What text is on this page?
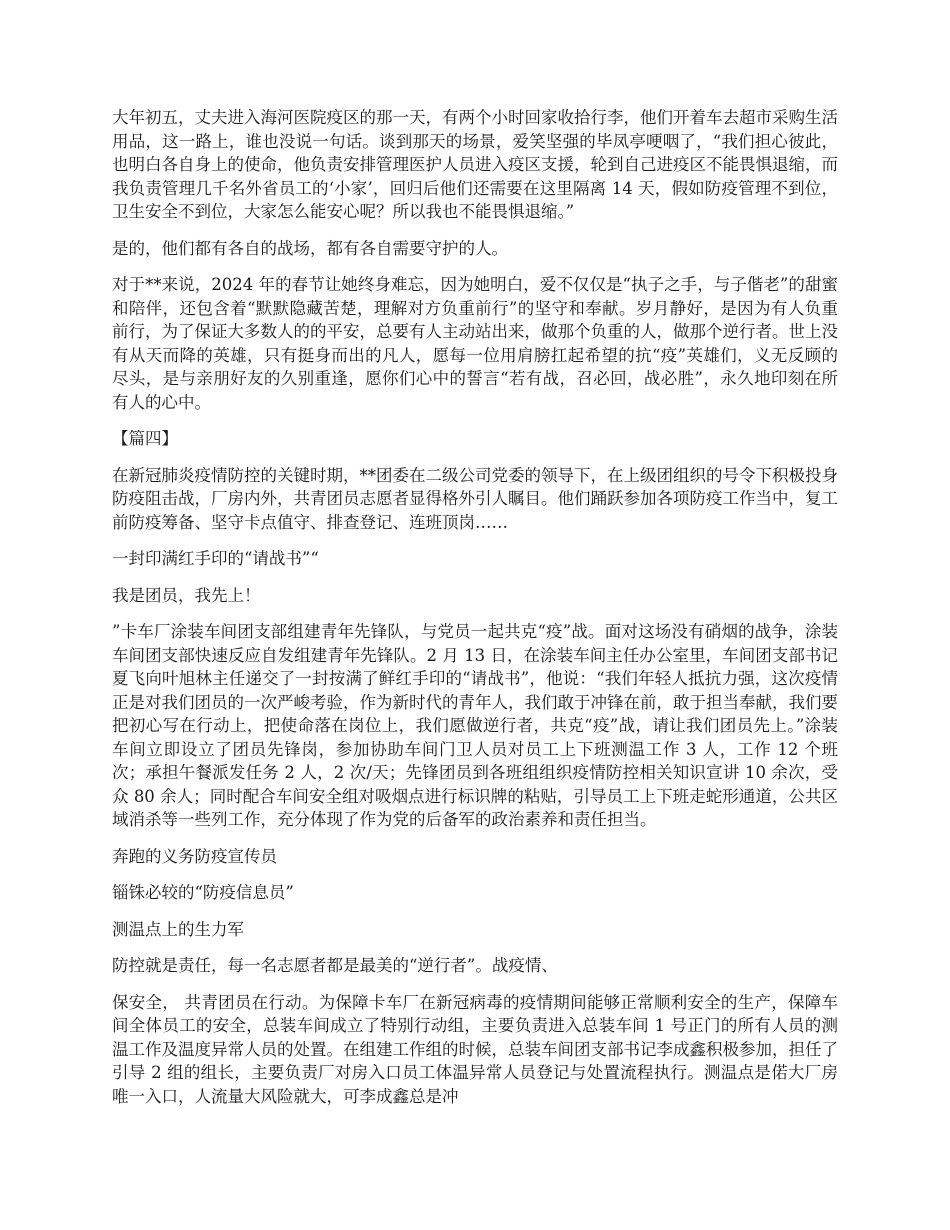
大年初五，丈夫进入海河医院疫区的那一天，有两个小时回家收拾行李，他们开着车去超市采购生活用品，这一路上，谁也没说一句话。谈到那天的场景，爱笑坚强的毕凤亭哽咽了，“我们担心彼此，也明白各自身上的使命，他负责安排管理医护人员进入疫区支援，轮到自己进疫区不能畏惧退缩，而我负责管理几千名外省员工的‘小家’，回归后他们还需要在这里隔离 14 天，假如防疫管理不到位，卫生安全不到位，大家怎么能安心呢？所以我也不能畏惧退缩。”

是的，他们都有各自的战场，都有各自需要守护的人。

对于**来说，2024 年的春节让她终身难忘，因为她明白，爱不仅仅是“执子之手，与子偕老”的甜蜜和陪伴，还包含着“默默隐藏苦楚，理解对方负重前行”的坚守和奉献。岁月静好，是因为有人负重前行，为了保证大多数人的的平安，总要有人主动站出来，做那个负重的人，做那个逆行者。世上没有从天而降的英雄，只有挺身而出的凡人，愿每一位用肩膀扛起希望的抗“疫”英雄们，义无反顾的尽头，是与亲朋好友的久别重逢，愿你们心中的誓言“若有战，召必回，战必胜”，永久地印刻在所有人的心中。

【篇四】

在新冠肺炎疫情防控的关键时期，**团委在二级公司党委的领导下，在上级团组织的号令下积极投身防疫阻击战，厂房内外，共青团员志愿者显得格外引人瞩目。他们踊跃参加各项防疫工作当中，复工前防疫筹备、坚守卡点值守、排查登记、连班顶岗……

一封印满红手印的“请战书”“

我是团员，我先上！

”卡车厂涂装车间团支部组建青年先锋队，与党员一起共克“疫”战。面对这场没有硝烟的战争，涂装车间团支部快速反应自发组建青年先锋队。2 月 13 日，在涂装车间主任办公室里，车间团支部书记夏飞向叶旭林主任递交了一封按满了鲜红手印的“请战书”，他说：“我们年轻人抵抗力强，这次疫情正是对我们团员的一次严峻考验，作为新时代的青年人，我们敢于冲锋在前，敢于担当奉献，我们要把初心写在行动上，把使命落在岗位上，我们愿做逆行者，共克“疫”战，请让我们团员先上。”涂装车间立即设立了团员先锋岗，参加协助车间门卫人员对员工上下班测温工作 3 人，工作 12 个班次；承担午餐派发任务 2 人，2 次/天；先锋团员到各班组组织疫情防控相关知识宣讲 10 余次，受众 80 余人；同时配合车间安全组对吸烟点进行标识牌的粘贴，引导员工上下班走蛇形通道，公共区域消杀等一些列工作，充分体现了作为党的后备军的政治素养和责任担当。

奔跑的义务防疫宣传员

锱铢必较的“防疫信息员”

测温点上的生力军

防控就是责任，每一名志愿者都是最美的“逆行者”。战疫情、

保安全， 共青团员在行动。为保障卡车厂在新冠病毒的疫情期间能够正常顺利安全的生产，保障车间全体员工的安全，总装车间成立了特别行动组，主要负责进入总装车间 1 号正门的所有人员的测温工作及温度异常人员的处置。在组建工作组的时候，总装车间团支部书记李成鑫积极参加，担任了引导 2 组的组长，主要负责厂对房入口员工体温异常人员登记与处置流程执行。测温点是偌大厂房唯一入口，人流量大风险就大，可李成鑫总是冲
